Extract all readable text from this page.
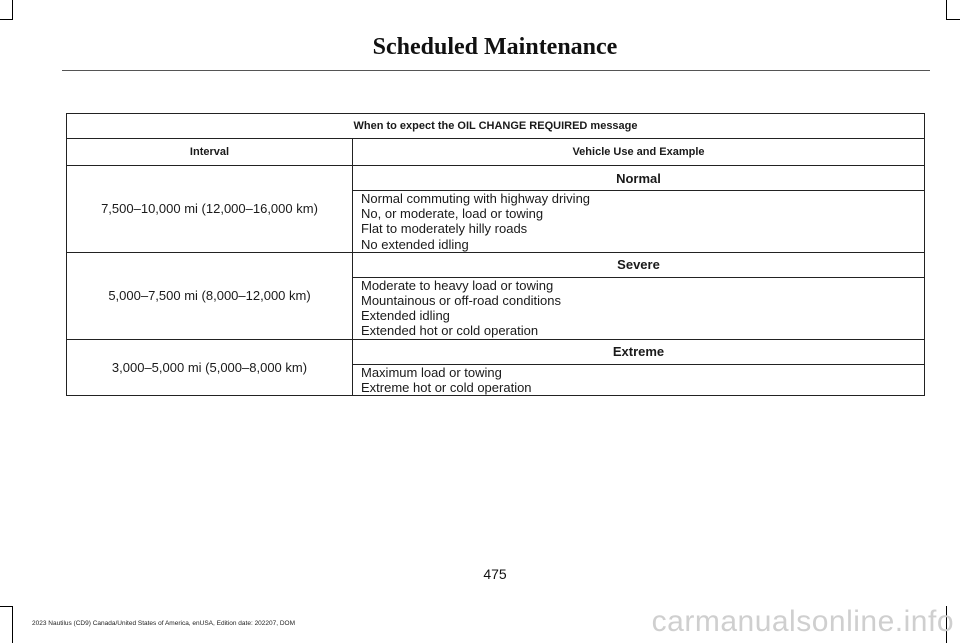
Scheduled Maintenance
When to expect the OIL CHANGE REQUIRED message	
Interval	Vehicle Use and Example
7,500–10,000 mi (12,000–16,000 km)	Normal

	Normal commuting with highway driving
No, or moderate, load or towing
Flat to moderately hilly roads
No extended idling

5,000–7,500 mi (8,000–12,000 km)	Severe

	Moderate to heavy load or towing
Mountainous or off-road conditions
Extended idling
Extended hot or cold operation

3,000–5,000 mi (5,000–8,000 km)	Extreme

	Maximum load or towing
Extreme hot or cold operation
475
2023 Nautilus (CD9) Canada/United States of America, enUSA, Edition date: 202207, DOM	carmanualsonline.info
